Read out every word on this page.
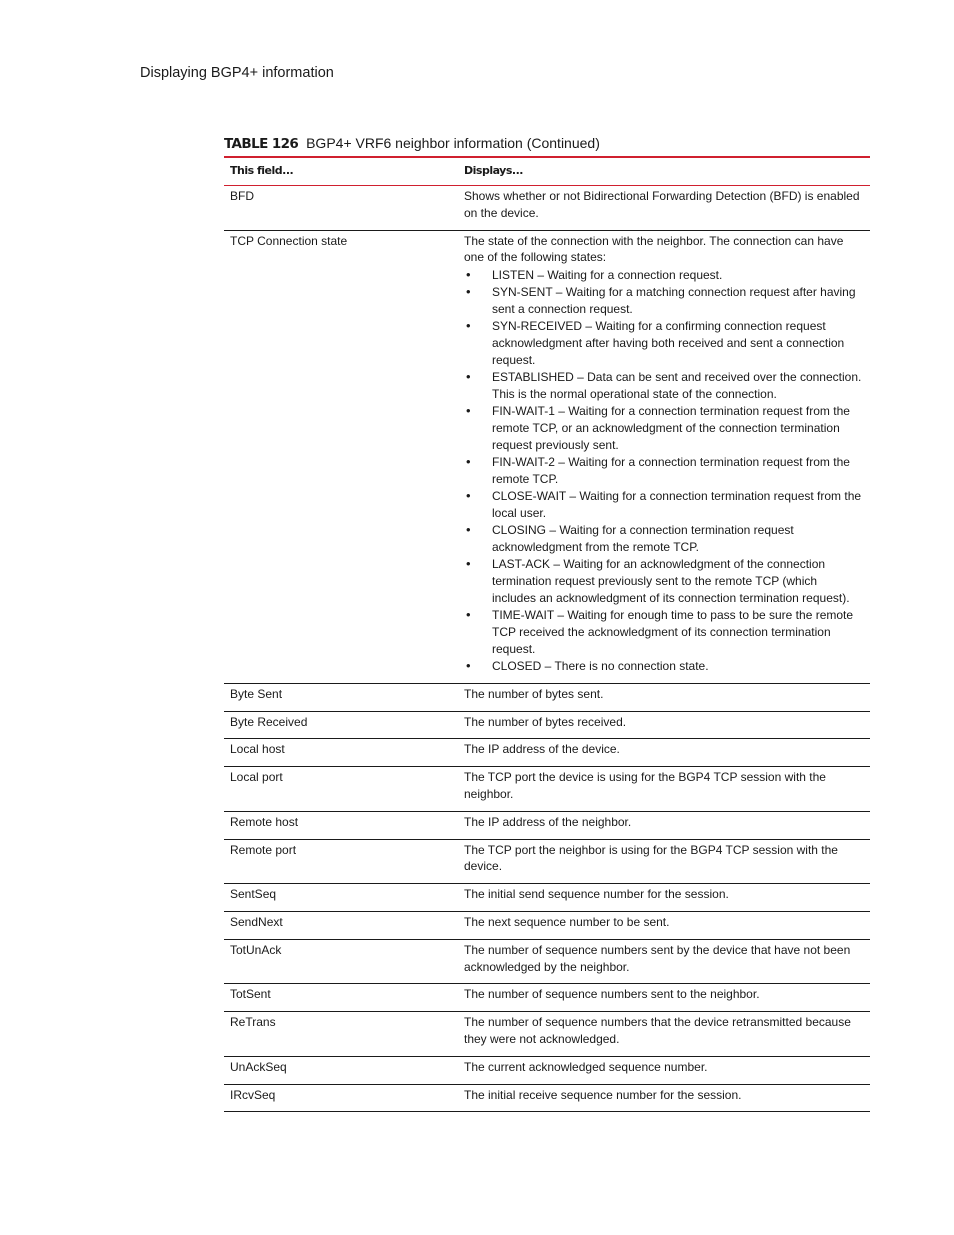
Displaying BGP4+ information
TABLE 126 BGP4+ VRF6 neighbor information (Continued)
This field...	Displays...
BFD	Shows whether or not Bidirectional Forwarding Detection (BFD) is enabled on the device.
TCP Connection state	The state of the connection with the neighbor. The connection can have one of the following states:
• LISTEN – Waiting for a connection request.
• SYN-SENT – Waiting for a matching connection request after having sent a connection request.
• SYN-RECEIVED – Waiting for a confirming connection request acknowledgment after having both received and sent a connection request.
• ESTABLISHED – Data can be sent and received over the connection. This is the normal operational state of the connection.
• FIN-WAIT-1 – Waiting for a connection termination request from the remote TCP, or an acknowledgment of the connection termination request previously sent.
• FIN-WAIT-2 – Waiting for a connection termination request from the remote TCP.
• CLOSE-WAIT – Waiting for a connection termination request from the local user.
• CLOSING – Waiting for a connection termination request acknowledgment from the remote TCP.
• LAST-ACK – Waiting for an acknowledgment of the connection termination request previously sent to the remote TCP (which includes an acknowledgment of its connection termination request).
• TIME-WAIT – Waiting for enough time to pass to be sure the remote TCP received the acknowledgment of its connection termination request.
• CLOSED – There is no connection state.
Byte Sent	The number of bytes sent.
Byte Received	The number of bytes received.
Local host	The IP address of the device.
Local port	The TCP port the device is using for the BGP4 TCP session with the neighbor.
Remote host	The IP address of the neighbor.
Remote port	The TCP port the neighbor is using for the BGP4 TCP session with the device.
SentSeq	The initial send sequence number for the session.
SendNext	The next sequence number to be sent.
TotUnAck	The number of sequence numbers sent by the device that have not been acknowledged by the neighbor.
TotSent	The number of sequence numbers sent to the neighbor.
ReTrans	The number of sequence numbers that the device retransmitted because they were not acknowledged.
UnAckSeq	The current acknowledged sequence number.
IRcvSeq	The initial receive sequence number for the session.
